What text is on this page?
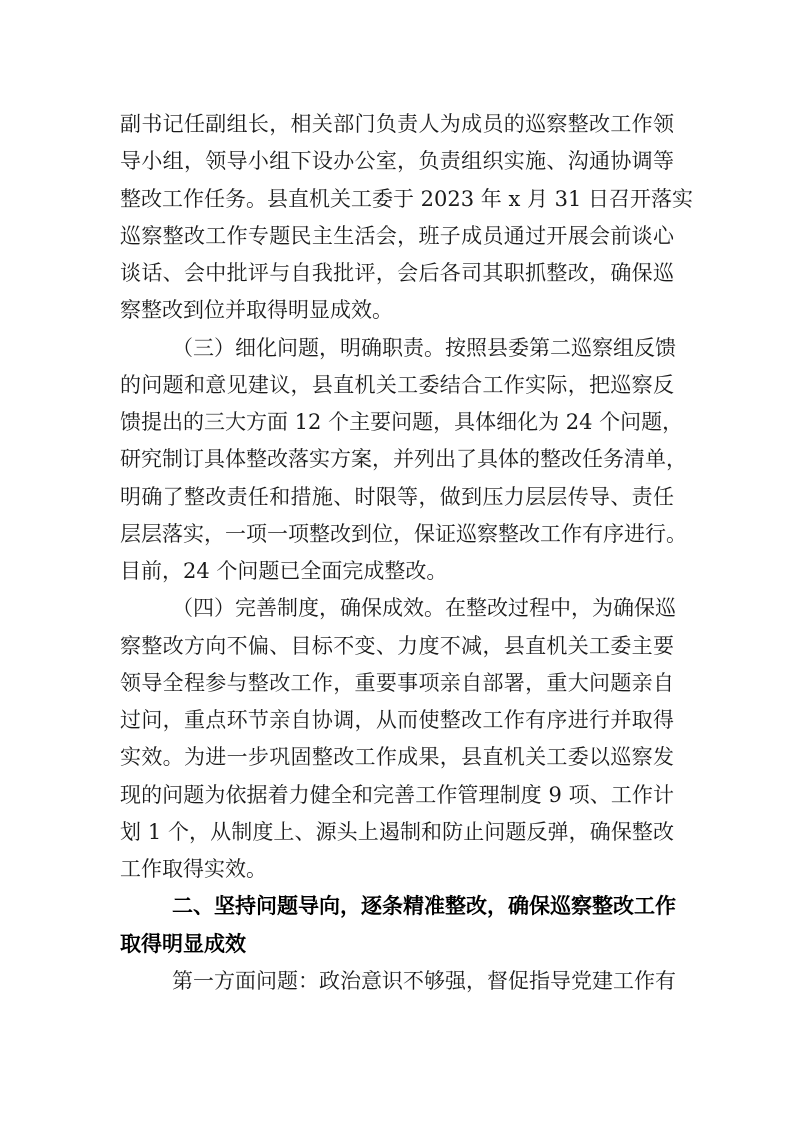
副书记任副组长，相关部门负责人为成员的巡察整改工作领
导小组，领导小组下设办公室，负责组织实施、沟通协调等
整改工作任务。县直机关工委于 2023 年 x 月 31 日召开落实
巡察整改工作专题民主生活会，班子成员通过开展会前谈心
谈话、会中批评与自我批评，会后各司其职抓整改，确保巡
察整改到位并取得明显成效。
（三）细化问题，明确职责。按照县委第二巡察组反馈
的问题和意见建议，县直机关工委结合工作实际，把巡察反
馈提出的三大方面 12 个主要问题，具体细化为 24 个问题，
研究制订具体整改落实方案，并列出了具体的整改任务清单，
明确了整改责任和措施、时限等，做到压力层层传导、责任
层层落实，一项一项整改到位，保证巡察整改工作有序进行。
目前，24 个问题已全面完成整改。
（四）完善制度，确保成效。在整改过程中，为确保巡
察整改方向不偏、目标不变、力度不减，县直机关工委主要
领导全程参与整改工作，重要事项亲自部署，重大问题亲自
过问，重点环节亲自协调，从而使整改工作有序进行并取得
实效。为进一步巩固整改工作成果，县直机关工委以巡察发
现的问题为依据着力健全和完善工作管理制度 9 项、工作计
划 1 个，从制度上、源头上遏制和防止问题反弹，确保整改
工作取得实效。
二、坚持问题导向，逐条精准整改，确保巡察整改工作
取得明显成效
第一方面问题：政治意识不够强，督促指导党建工作有
